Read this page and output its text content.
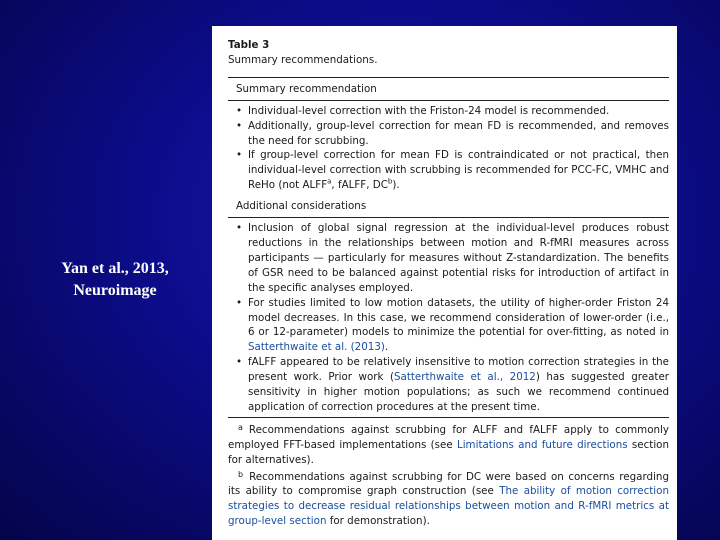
Yan et al., 2013,
Neuroimage
Table 3
Summary recommendations.
Summary recommendation
• Individual-level correction with the Friston-24 model is recommended.
• Additionally, group-level correction for mean FD is recommended, and removes the need for scrubbing.
• If group-level correction for mean FD is contraindicated or not practical, then individual-level correction with scrubbing is recommended for PCC-FC, VMHC and ReHo (not ALFF$^a$, fALFF, $DC^b$).
Additional considerations
• Inclusion of global signal regression at the individual-level produces robust reductions in the relationships between motion and R-fMRI measures across participants — particularly for measures without Z-standardization. The benefits of GSR need to be balanced against potential risks for introduction of artifact in the specific analyses employed.
• For studies limited to low motion datasets, the utility of higher-order Friston 24 model decreases. In this case, we recommend consideration of lower-order (i.e., 6 or 12-parameter) models to minimize the potential for over-fitting, as noted in Satterthwaite et al. (2013).
• fALFF appeared to be relatively insensitive to motion correction strategies in the present work. Prior work (Satterthwaite et al., 2012) has suggested greater sensitivity in higher motion populations; as such we recommend continued application of correction procedures at the present time.
$^a$ Recommendations against scrubbing for ALFF and fALFF apply to commonly employed FFT-based implementations (see Limitations and future directions section for alternatives).
$^b$ Recommendations against scrubbing for DC were based on concerns regarding its ability to compromise graph construction (see The ability of motion correction strategies to decrease residual relationships between motion and R-fMRI metrics at group-level section for demonstration).
